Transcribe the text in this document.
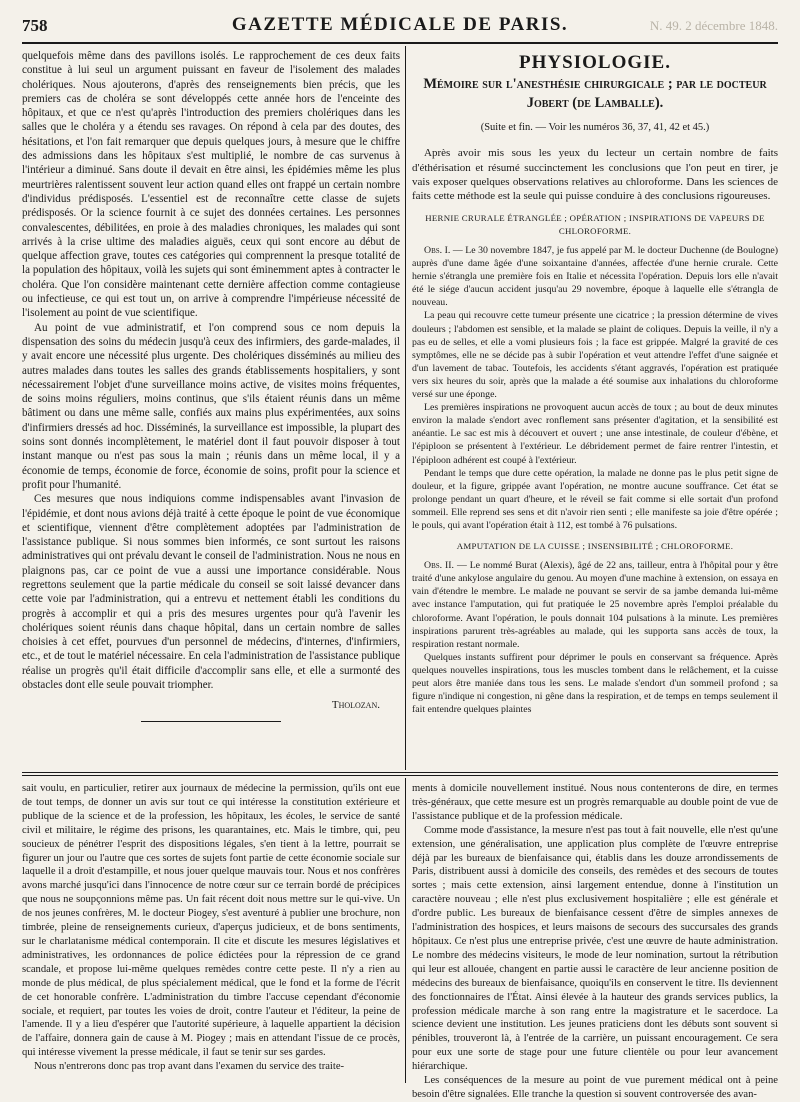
758	GAZETTE MÉDICALE DE PARIS.	N. 49. 2 décembre 1848.

quelquefois même dans des pavillons isolés. Le rapprochement de ces deux faits constitue à lui seul un argument puissant en faveur de l'isolement des malades cholériques. Nous ajouterons, d'après des renseignements bien précis, que les premiers cas de choléra se sont développés cette année hors de l'enceinte des hôpitaux, et que ce n'est qu'après l'introduction des premiers cholériques dans les salles que le choléra y a étendu ses ravages. On répond à cela par des doutes, des hésitations, et l'on fait remarquer que depuis quelques jours, à mesure que le chiffre des admissions dans les hôpitaux s'est multiplié, le nombre de cas survenus à l'intérieur a diminué. Sans doute il devait en être ainsi, les épidémies même les plus meurtrières ralentissent souvent leur action quand elles ont frappé un certain nombre d'individus prédisposés. L'essentiel est de reconnaître cette classe de sujets prédisposés. Or la science fournit à ce sujet des données certaines. Les personnes convalescentes, débilitées, en proie à des maladies chroniques, les malades qui sont arrivés à la crise ultime des maladies aiguës, ceux qui sont encore au début de quelque affection grave, toutes ces catégories qui comprennent la presque totalité de la population des hôpitaux, voilà les sujets qui sont éminemment aptes à contracter le choléra. Que l'on considère maintenant cette dernière affection comme contagieuse ou infectieuse, ce qui est tout un, on arrive à comprendre l'impérieuse nécessité de l'isolement au point de vue scientifique.

Au point de vue administratif, et l'on comprend sous ce nom depuis la dispensation des soins du médecin jusqu'à ceux des infirmiers, des garde-malades, il y avait encore une nécessité plus urgente. Des cholériques disséminés au milieu des autres malades dans toutes les salles des grands établissements hospitaliers, y sont nécessairement l'objet d'une surveillance moins active, de visites moins fréquentes, de soins moins réguliers, moins continus, que s'ils étaient réunis dans un même bâtiment ou dans une même salle, confiés aux mains plus expérimentées, aux soins d'infirmiers dressés ad hoc. Disséminés, la surveillance est impossible, la plupart des soins sont donnés incomplètement, le matériel dont il faut pouvoir disposer à tout instant manque ou n'est pas sous la main ; réunis dans un même local, il y a économie de temps, économie de force, économie de soins, profit pour la science et profit pour l'humanité.

Ces mesures que nous indiquions comme indispensables avant l'invasion de l'épidémie, et dont nous avions déjà traité à cette époque le point de vue économique et scientifique, viennent d'être complètement adoptées par l'administration de l'assistance publique. Si nous sommes bien informés, ce sont surtout les raisons administratives qui ont prévalu devant le conseil de l'administration. Nous ne nous en plaignons pas, car ce point de vue a aussi une importance considérable. Nous regrettons seulement que la partie médicale du conseil se soit laissé devancer dans cette voie par l'administration, qui a entrevu et nettement établi les conditions du progrès à accomplir et qui a pris des mesures urgentes pour qu'à l'avenir les cholériques soient réunis dans chaque hôpital, dans un certain nombre de salles choisies à cet effet, pourvues d'un personnel de médecins, d'internes, d'infirmiers, etc., et de tout le matériel nécessaire. En cela l'administration de l'assistance publique réalise un progrès qu'il était difficile d'accomplir sans elle, et elle a surmonté des obstacles dont elle seule pouvait triompher.

Tholozan.
PHYSIOLOGIE.
Mémoire sur l'anesthésie chirurgicale ; par le docteur Jobert (de Lamballe).
(Suite et fin. — Voir les numéros 36, 37, 41, 42 et 45.)

Après avoir mis sous les yeux du lecteur un certain nombre de faits d'éthérisation et résumé succinctement les conclusions que l'on peut en tirer, je vais exposer quelques observations relatives au chloroforme. Dans les sciences de faits cette méthode est la seule qui puisse conduire à des conclusions rigoureuses.

HERNIE CRURALE ÉTRANGLÉE ; OPÉRATION ; INSPIRATIONS DE VAPEURS DE CHLOROFORME.

Obs. I. — Le 30 novembre 1847, je fus appelé par M. le docteur Duchenne (de Boulogne) auprès d'une dame âgée d'une soixantaine d'années, affectée d'une hernie crurale. Cette hernie s'étrangla une première fois en Italie et nécessita l'opération. Depuis lors elle n'avait été le siége d'aucun accident jusqu'au 29 novembre, époque à laquelle elle s'étrangla de nouveau.

La peau qui recouvre cette tumeur présente une cicatrice ; la pression détermine de vives douleurs ; l'abdomen est sensible, et la malade se plaint de coliques. Depuis la veille, il n'y a pas eu de selles, et elle a vomi plusieurs fois ; la face est grippée. Malgré la gravité de ces symptômes, elle ne se décide pas à subir l'opération et veut attendre l'effet d'une saignée et d'un lavement de tabac. Toutefois, les accidents s'étant aggravés, l'opération est pratiquée vers six heures du soir, après que la malade a été soumise aux inhalations du chloroforme versé sur une éponge.

Les premières inspirations ne provoquent aucun accès de toux ; au bout de deux minutes environ la malade s'endort avec ronflement sans présenter d'agitation, et la sensibilité est anéantie. Le sac est mis à découvert et ouvert ; une anse intestinale, de couleur d'ébène, et l'épiploon se présentent à l'extérieur. Le débridement permet de faire rentrer l'intestin, et l'épiploon adhérent est coupé à l'extérieur.

Pendant le temps que dure cette opération, la malade ne donne pas le plus petit signe de douleur, et la figure, grippée avant l'opération, ne montre aucune souffrance. Cet état se prolonge pendant un quart d'heure, et le réveil se fait comme si elle sortait d'un profond sommeil. Elle reprend ses sens et dit n'avoir rien senti ; elle manifeste sa joie d'être opérée ; le pouls, qui avant l'opération était à 112, est tombé à 76 pulsations.

AMPUTATION DE LA CUISSE ; INSENSIBILITÉ ; CHLOROFORME.

Obs. II. — Le nommé Burat (Alexis), âgé de 22 ans, tailleur, entra à l'hôpital pour y être traité d'une ankylose angulaire du genou. Au moyen d'une machine à extension, on essaya en vain d'étendre le membre. Le malade ne pouvant se servir de sa jambe demanda lui-même avec instance l'amputation, qui fut pratiquée le 25 novembre après l'emploi préalable du chloroforme. Avant l'opération, le pouls donnait 104 pulsations à la minute. Les premières inspirations parurent très-agréables au malade, qui les supporta sans accès de toux, la respiration restant normale.

Quelques instants suffirent pour déprimer le pouls en conservant sa fréquence. Après quelques nouvelles inspirations, tous les muscles tombent dans le relâchement, et la cuisse peut alors être maniée dans tous les sens. Le malade s'endort d'un sommeil profond ; sa figure n'indique ni congestion, ni gêne dans la respiration, et de temps en temps seulement il fait entendre quelques plaintes

sait voulu, en particulier, retirer aux journaux de médecine la permission, qu'ils ont eue de tout temps, de donner un avis sur tout ce qui intéresse la constitution extérieure et publique de la science et de la profession, les hôpitaux, les écoles, le service de santé civil et militaire, le régime des prisons, les quarantaines, etc. Mais le timbre, qui, peu soucieux de pénétrer l'esprit des dispositions légales, s'en tient à la lettre, pourrait se figurer un jour ou l'autre que ces sortes de sujets font partie de cette économie sociale sur laquelle il a droit d'estampille, et nous jouer quelque mauvais tour. Nous et nos confrères avons marché jusqu'ici dans l'innocence de notre cœur sur ce terrain bordé de précipices que nous ne soupçonnions même pas. Un fait récent doit nous mettre sur le qui-vive. Un de nos jeunes confrères, M. le docteur Piogey, s'est aventuré à publier une brochure, non timbrée, pleine de renseignements curieux, d'aperçus judicieux, et de bons sentiments, sur le charlatanisme médical contemporain. Il cite et discute les mesures législatives et administratives, les ordonnances de police édictées pour la répression de ce grand scandale, et propose lui-même quelques remèdes contre cette peste. Il n'y a rien au monde de plus médical, de plus spécialement médical, que le fond et la forme de l'écrit de cet honorable confrère. L'administration du timbre l'accuse cependant d'économie sociale, et requiert, par toutes les voies de droit, contre l'auteur et l'éditeur, la peine de l'amende. Il y a lieu d'espérer que l'autorité supérieure, à laquelle appartient la décision de l'affaire, donnera gain de cause à M. Piogey ; mais en attendant l'issue de ce procès, qui intéresse vivement la presse médicale, il faut se tenir sur ses gardes.

Nous n'entrerons donc pas trop avant dans l'examen du service des traite-

ments à domicile nouvellement institué. Nous nous contenterons de dire, en termes très-généraux, que cette mesure est un progrès remarquable au double point de vue de l'assistance publique et de la profession médicale.

Comme mode d'assistance, la mesure n'est pas tout à fait nouvelle, elle n'est qu'une extension, une généralisation, une application plus complète de l'œuvre entreprise déjà par les bureaux de bienfaisance qui, établis dans les douze arrondissements de Paris, distribuent aussi à domicile des conseils, des remèdes et des secours de toutes sortes ; mais cette extension, ainsi largement entendue, donne à l'institution un caractère nouveau ; elle n'est plus exclusivement hospitalière ; elle est générale et d'ordre public. Les bureaux de bienfaisance cessent d'être de simples annexes de l'administration des hospices, et leurs maisons de secours des succursales des grands hôpitaux. Ce n'est plus une entreprise privée, c'est une œuvre de haute administration. Le nombre des médecins visiteurs, le mode de leur nomination, surtout la rétribution qui leur est allouée, changent en partie aussi le caractère de leur ancienne position de médecins des bureaux de bienfaisance, quoiqu'ils en conservent le titre. Ils deviennent des fonctionnaires de l'État. Ainsi élevée à la hauteur des grands services publics, la profession médicale marche à son rang entre la magistrature et le sacerdoce. La science devient une institution. Les jeunes praticiens dont les débuts sont souvent si pénibles, trouveront là, à l'entrée de la carrière, un puissant encouragement. Ce sera pour eux une sorte de stage pour une future clientèle ou pour leur avancement hiérarchique.

Les conséquences de la mesure au point de vue purement médical ont à peine besoin d'être signalées. Elle tranche la question si souvent controversée des avan-
